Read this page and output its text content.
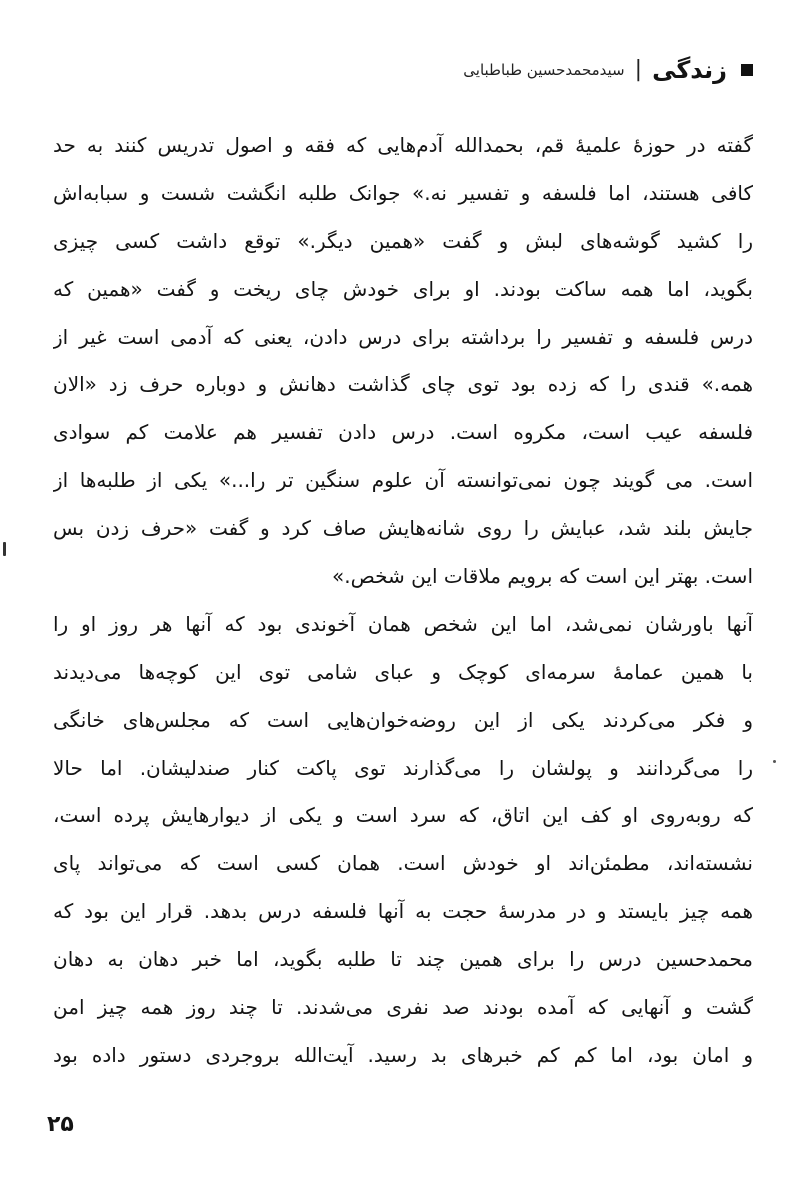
زندگی
|
سیدمحمدحسین طباطبایی
گفته در حوزهٔ علمیهٔ قم، بحمدالله آدم‌هایی که فقه و اصول تدریس کنند به حد
کافی هستند، اما فلسفه و تفسیر نه.» جوانک طلبه انگشت شست و سبابه‌اش
را کشید گوشه‌های لبش و گفت «همین دیگر.» توقع داشت کسی چیزی
بگوید، اما همه ساکت بودند. او برای خودش چای ریخت و گفت «همین که
درس فلسفه و تفسیر را برداشته برای درس دادن، یعنی که آدمی است غیر از
همه.» قندی را که زده بود توی چای گذاشت دهانش و دوباره حرف زد «الان
فلسفه عیب است، مکروه است. درس دادن تفسیر هم علامت کم سوادی
است. می گویند چون نمی‌توانسته آن علوم سنگین تر را...» یکی از طلبه‌ها از
جایش بلند شد، عبایش را روی شانه‌هایش صاف کرد و گفت «حرف زدن بس
است. بهتر این است که برویم ملاقات این شخص.»
آنها باورشان نمی‌شد، اما این شخص همان آخوندی بود که آنها هر روز او را
با همین عمامهٔ سرمه‌ای کوچک و عبای شامی توی این کوچه‌ها می‌دیدند
و فکر می‌کردند یکی از این روضه‌خوان‌هایی است که مجلس‌های خانگی
را می‌گردانند و پولشان را می‌گذارند توی پاکت کنار صندلیشان. اما حالا
که روبه‌روی او کف این اتاق، که سرد است و یکی از دیوارهایش پرده است،
نشسته‌اند، مطمئن‌اند او خودش است. همان کسی است که می‌تواند پای
همه چیز بایستد و در مدرسهٔ حجت به آنها فلسفه درس بدهد. قرار این بود که
محمدحسین درس را برای همین چند تا طلبه بگوید، اما خبر دهان به دهان
گشت و آنهایی که آمده بودند صد نفری می‌شدند. تا چند روز همه چیز امن
و امان بود، اما کم کم خبرهای بد رسید. آیت‌الله بروجردی دستور داده بود
۲۵
